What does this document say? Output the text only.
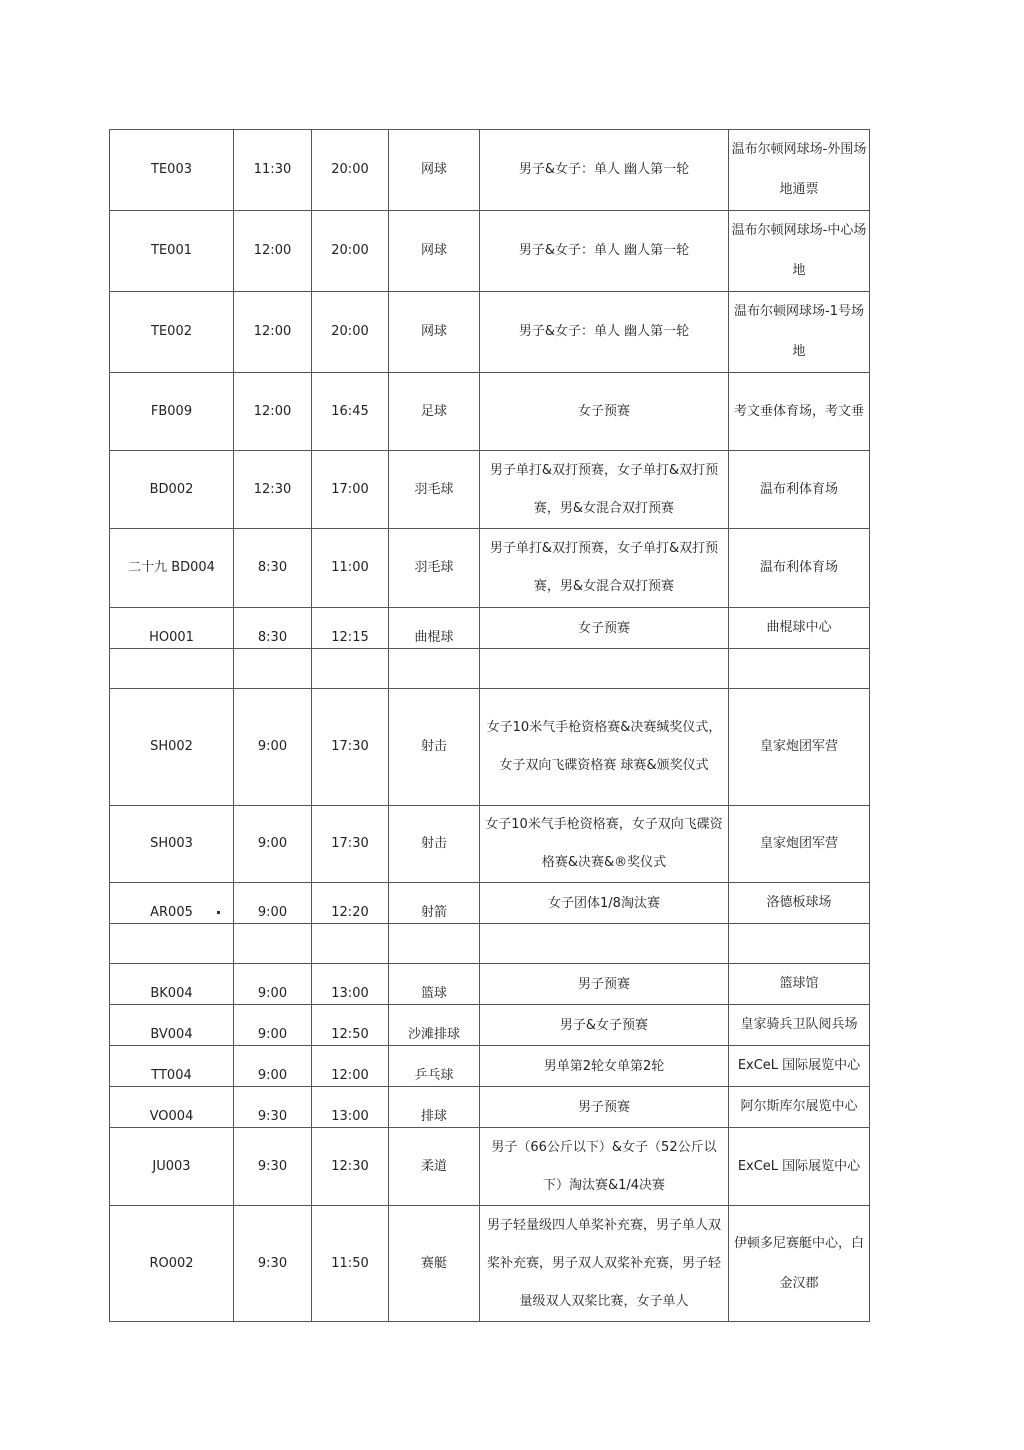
TE003	11:30	20:00	网球	男子&女子：单人 幽人第一轮	温布尔顿网球场-外围场地通票
TE001	12:00	20:00	网球	男子&女子：单人 幽人第一轮	温布尔顿网球场-中心场地
TE002	12:00	20:00	网球	男子&女子：单人 幽人第一轮	温布尔顿网球场-1号场地
FB009	12:00	16:45	足球	女子预赛	考文垂体育场，考文垂
BD002	12:30	17:00	羽毛球	男子单打&双打预赛，女子单打&双打预赛，男&女混合双打预赛	温布利体育场
二十九 BD004	8:30	11:00	羽毛球	男子单打&双打预赛，女子单打&双打预赛，男&女混合双打预赛	温布利体育场
HO001	8:30	12:15	曲棍球	女子预赛	曲棍球中心

SH002	9:00	17:30	射击	女子10米气手枪资格赛&决赛缄奖仪式，女子双向飞碟资格赛 球赛&颁奖仪式	皇家炮团军营
SH003	9:00	17:30	射击	女子10米气手枪资格赛，女子双向飞碟资格赛&决赛&®奖仪式	皇家炮团军营
AR005	9:00	12:20	射箭	女子团体1/8淘汰赛	洛德板球场

BK004	9:00	13:00	篮球	男子预赛	篮球馆
BV004	9:00	12:50	沙滩排球	男子&女子预赛	皇家骑兵卫队阅兵场
TT004	9:00	12:00	乒乓球	男单第2轮女单第2轮	ExCeL 国际展览中心
VO004	9:30	13:00	排球	男子预赛	阿尔斯库尔展览中心
JU003	9:30	12:30	柔道	男子（66公斤以下）&女子（52公斤以下）淘汰赛&1/4决赛	ExCeL 国际展览中心
RO002	9:30	11:50	赛艇	男子轻量级四人单桨补充赛，男子单人双桨补充赛，男子双人双桨补充赛，男子轻量级双人双桨比赛，女子单人	伊顿多尼赛艇中心，白金汉郡
